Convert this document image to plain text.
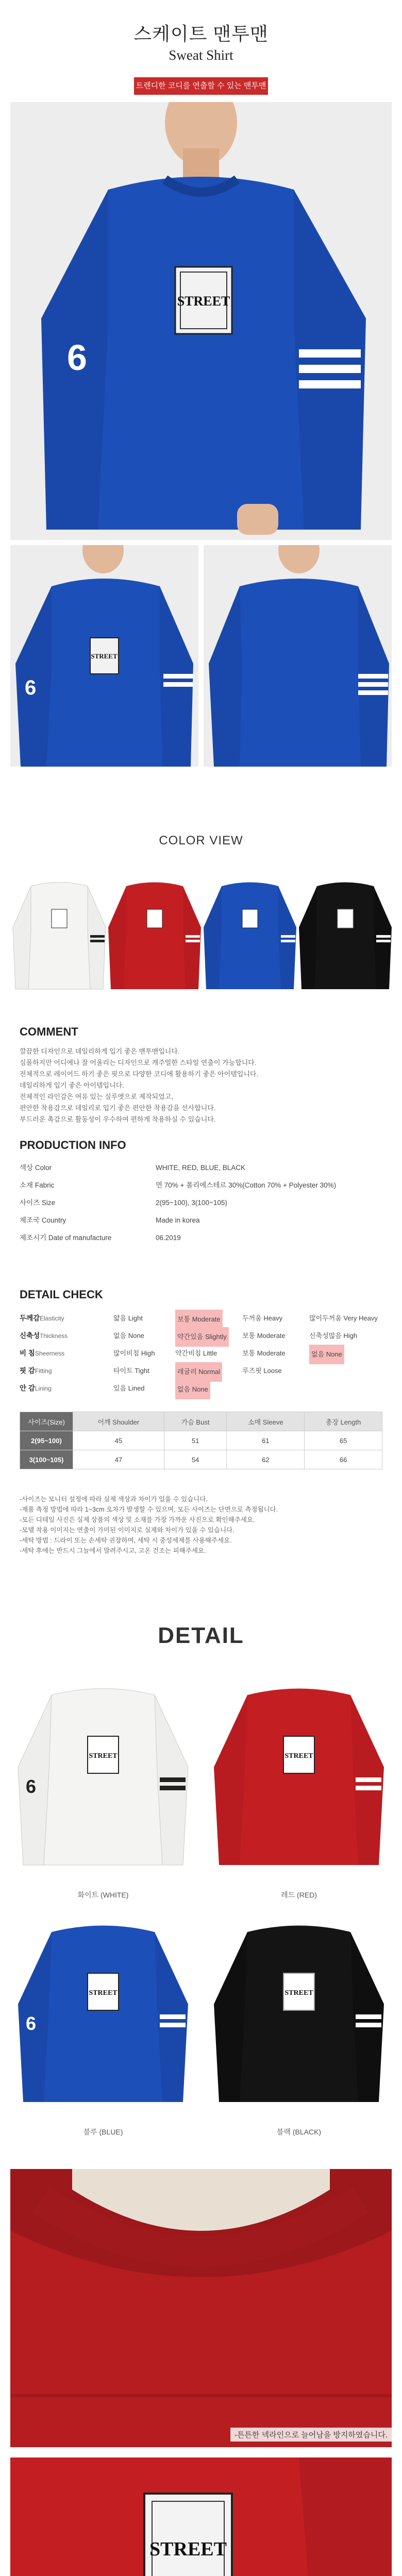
스케이트 맨투맨
Sweat Shirt
트렌디한 코디를 연출할 수 있는 맨투맨
6
STREET
6
STREET
COLOR VIEW
COMMENT

깔끔한 디자인으로 데일리하게 입기 좋은 맨투맨입니다.

심플하지만 어디에나 잘 어울리는 디자인으로 캐주얼한 스타일 연출이 가능합니다.

전체적으로 레이어드 하기 좋은 핏으로 다양한 코디에 활용하기 좋은 아이템입니다.

데일리하게 입기 좋은 아이템입니다.

전체적인 라인감은 여유 있는 실루엣으로 제작되었고,

편안한 착용감으로 데일리로 입기 좋은 편안한 착용감을 선사합니다.

부드러운 촉감으로 활동성이 우수하여 편하게 착용하실 수 있습니다.

PRODUCTION INFO
색상 Color	WHITE, RED, BLUE, BLACK
소재 Fabric	면 70% + 폴리에스테르 30%(Cotton 70% + Polyester 30%)
사이즈 Size	2(95~100), 3(100~105)
제조국 Country	Made in korea
제조시기 Date of manufacture	06.2019
DETAIL CHECK
두께감Elasticity	얇음 Light	보통 Moderate	두꺼움 Heavy	많이두꺼움 Very Heavy
신축성Thickness	없음 None	약간있음 Slightly	보통 Moderate	신축성많음 High
비 침Sheerness	많이비침 High	약간비침 Little	보통 Moderate	없음 None
핏 감Fitting	타이트 Tight	레귤러 Normal	루즈핏 Loose
안 감Lining	있음 Lined	없음 None
사이즈(Size)	어깨 Shoulder	가슴 Bust	소매 Sleeve	총장 Length
2(95~100)	45	51	61	65
3(100~105)	47	54	62	66

-사이즈는 모니터 설정에 따라 실제 색상과 차이가 있을 수 있습니다.

-제품 측정 방법에 따라 1~3cm 오차가 발생할 수 있으며, 모든 사이즈는 단면으로 측정됩니다.

-모든 디테일 사진은 실제 상품의 색상 및 소재를 가장 가까운 사진으로 확인해주세요.

-모델 착용 이미지는 연출이 가미된 이미지로 실제와 차이가 있을 수 있습니다.

-세탁 방법 : 드라이 또는 손세탁 권장하며, 세탁 시 중성세제를 사용해주세요.

-세탁 후에는 반드시 그늘에서 말려주시고, 고온 건조는 피해주세요.

DETAIL
6
STREET
화이트 (WHITE)
STREET
레드 (RED)
6
STREET
블루 (BLUE)
STREET
블랙 (BLACK)
-튼튼한 넥라인으로 늘어남을 방지하였습니다.
STREET
